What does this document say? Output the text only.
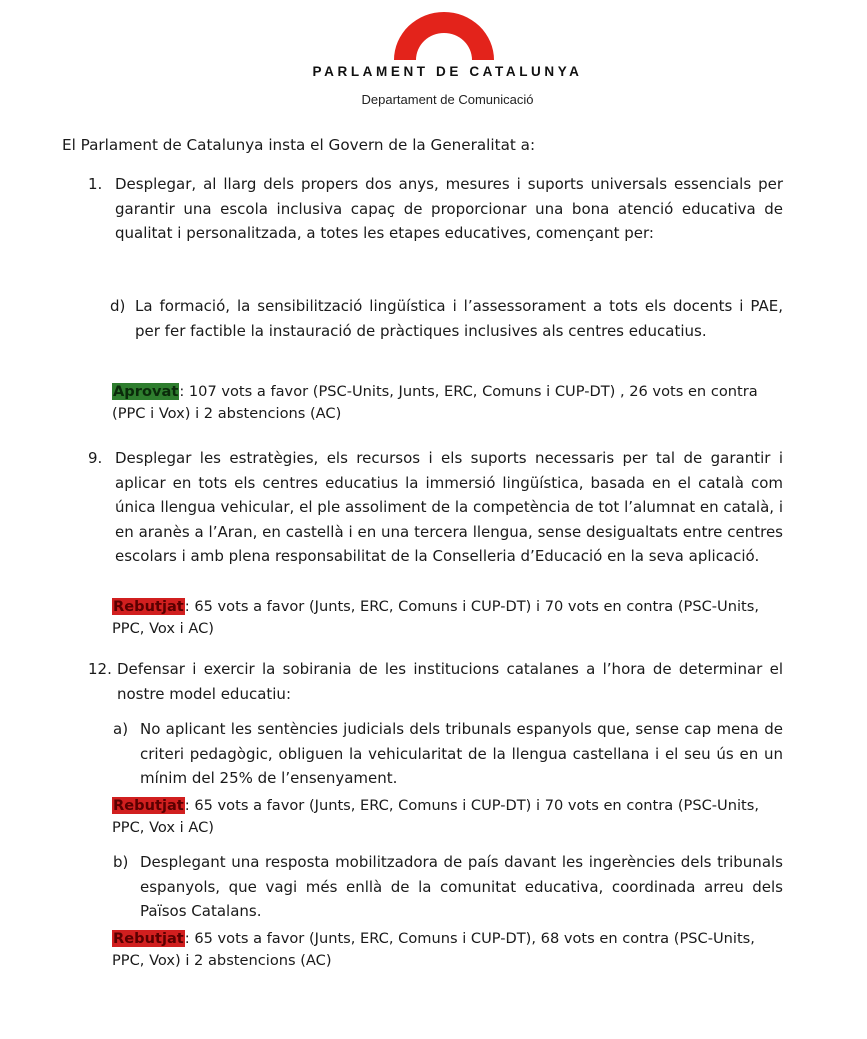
PARLAMENT DE CATALUNYA
Departament de Comunicació
El Parlament de Catalunya insta el Govern de la Generalitat a:
1. Desplegar, al llarg dels propers dos anys, mesures i suports universals essencials per garantir una escola inclusiva capaç de proporcionar una bona atenció educativa de qualitat i personalitzada, a totes les etapes educatives, començant per:
d) La formació, la sensibilització lingüística i l’assessorament a tots els docents i PAE, per fer factible la instauració de pràctiques inclusives als centres educatius.
Aprovat: 107 vots a favor (PSC-Units, Junts, ERC, Comuns i CUP-DT) , 26 vots en contra (PPC i Vox) i 2 abstencions (AC)
9. Desplegar les estratègies, els recursos i els suports necessaris per tal de garantir i aplicar en tots els centres educatius la immersió lingüística, basada en el català com única llengua vehicular, el ple assoliment de la competència de tot l’alumnat en català, i en aranès a l’Aran, en castellà i en una tercera llengua, sense desigualtats entre centres escolars i amb plena responsabilitat de la Conselleria d’Educació en la seva aplicació.
Rebutjat: 65 vots a favor (Junts, ERC, Comuns i CUP-DT) i 70 vots en contra (PSC-Units, PPC, Vox i AC)
12. Defensar i exercir la sobirania de les institucions catalanes a l’hora de determinar el nostre model educatiu:
a) No aplicant les sentències judicials dels tribunals espanyols que, sense cap mena de criteri pedagògic, obliguen la vehicularitat de la llengua castellana i el seu ús en un mínim del 25% de l’ensenyament.
Rebutjat: 65 vots a favor (Junts, ERC, Comuns i CUP-DT) i 70 vots en contra (PSC-Units, PPC, Vox i AC)
b) Desplegant una resposta mobilitzadora de país davant les ingerències dels tribunals espanyols, que vagi més enllà de la comunitat educativa, coordinada arreu dels Països Catalans.
Rebutjat: 65 vots a favor (Junts, ERC, Comuns i CUP-DT), 68 vots en contra (PSC-Units, PPC, Vox) i 2 abstencions (AC)
